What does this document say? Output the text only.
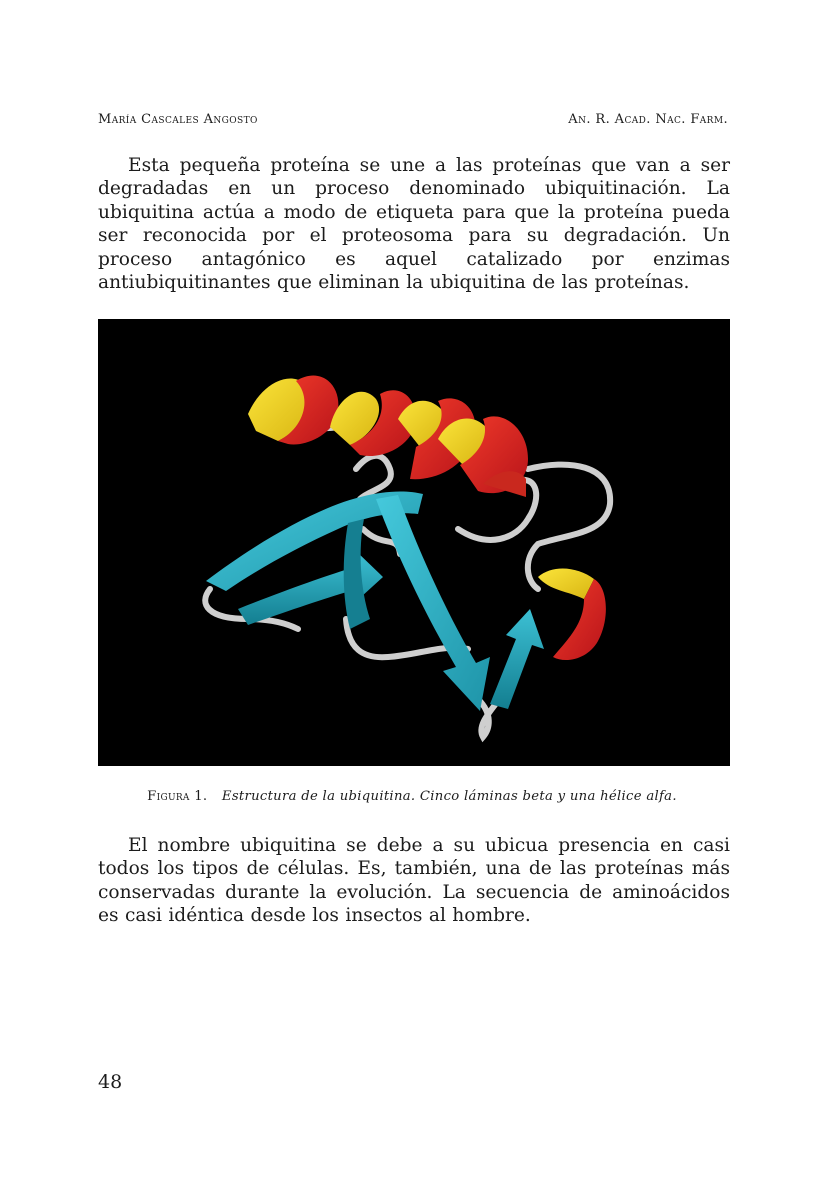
María Cascales Angosto	An. R. Acad. Nac. Farm.

Esta pequeña proteína se une a las proteínas que van a ser degradadas en un proceso denominado ubiquitinación. La ubiquitina actúa a modo de etiqueta para que la proteína pueda ser reconocida por el proteosoma para su degradación. Un proceso antagónico es aquel catalizado por enzimas antiubiquitinantes que eliminan la ubiquitina de las proteínas.

Figura 1. Estructura de la ubiquitina. Cinco láminas beta y una hélice alfa.

El nombre ubiquitina se debe a su ubicua presencia en casi todos los tipos de células. Es, también, una de las proteínas más conservadas durante la evolución. La secuencia de aminoácidos es casi idéntica desde los insectos al hombre.

48
